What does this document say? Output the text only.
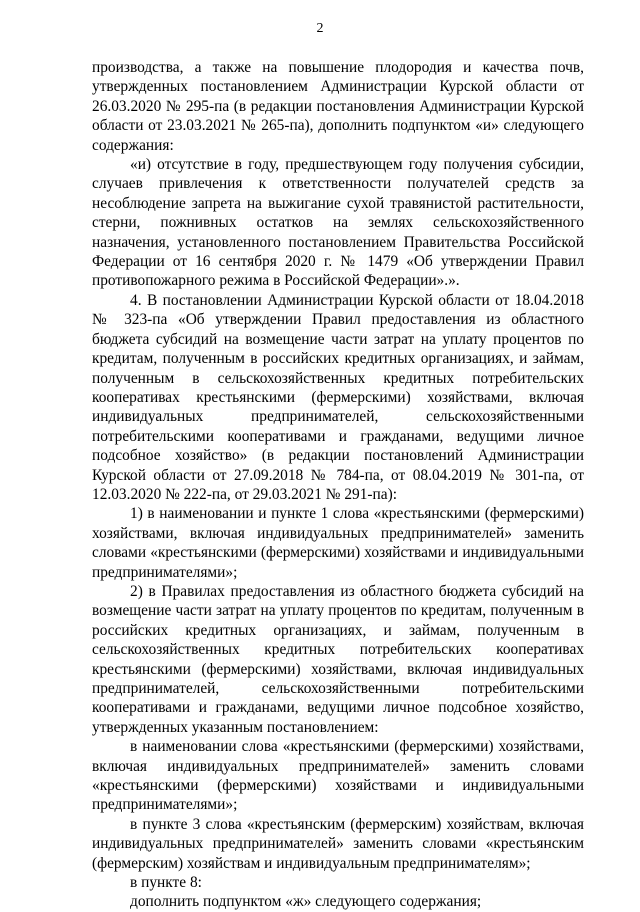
2

производства, а также на повышение плодородия и качества почв, утвержденных постановлением Администрации Курской области от 26.03.2020 № 295-па (в редакции постановления Администрации Курской области от 23.03.2021 № 265-па), дополнить подпунктом «и» следующего содержания:

«и) отсутствие в году, предшествующем году получения субсидии, случаев привлечения к ответственности получателей средств за несоблюдение запрета на выжигание сухой травянистой растительности, стерни, пожнивных остатков на землях сельскохозяйственного назначения, установленного постановлением Правительства Российской Федерации от 16 сентября 2020 г. № 1479 «Об утверждении Правил противопожарного режима в Российской Федерации».».

4. В постановлении Администрации Курской области от 18.04.2018 № 323-па «Об утверждении Правил предоставления из областного бюджета субсидий на возмещение части затрат на уплату процентов по кредитам, полученным в российских кредитных организациях, и займам, полученным в сельскохозяйственных кредитных потребительских кооперативах крестьянскими (фермерскими) хозяйствами, включая индивидуальных предпринимателей, сельскохозяйственными потребительскими кооперативами и гражданами, ведущими личное подсобное хозяйство» (в редакции постановлений Администрации Курской области от 27.09.2018 № 784-па, от 08.04.2019 № 301-па, от 12.03.2020 № 222-па, от 29.03.2021 № 291-па):

1) в наименовании и пункте 1 слова «крестьянскими (фермерскими) хозяйствами, включая индивидуальных предпринимателей» заменить словами «крестьянскими (фермерскими) хозяйствами и индивидуальными предпринимателями»;

2) в Правилах предоставления из областного бюджета субсидий на возмещение части затрат на уплату процентов по кредитам, полученным в российских кредитных организациях, и займам, полученным в сельскохозяйственных кредитных потребительских кооперативах крестьянскими (фермерскими) хозяйствами, включая индивидуальных предпринимателей, сельскохозяйственными потребительскими кооперативами и гражданами, ведущими личное подсобное хозяйство, утвержденных указанным постановлением:

в наименовании слова «крестьянскими (фермерскими) хозяйствами, включая индивидуальных предпринимателей» заменить словами «крестьянскими (фермерскими) хозяйствами и индивидуальными предпринимателями»;

в пункте 3 слова «крестьянским (фермерским) хозяйствам, включая индивидуальных предпринимателей» заменить словами «крестьянским (фермерским) хозяйствам и индивидуальным предпринимателям»;

в пункте 8:

дополнить подпунктом «ж» следующего содержания;
